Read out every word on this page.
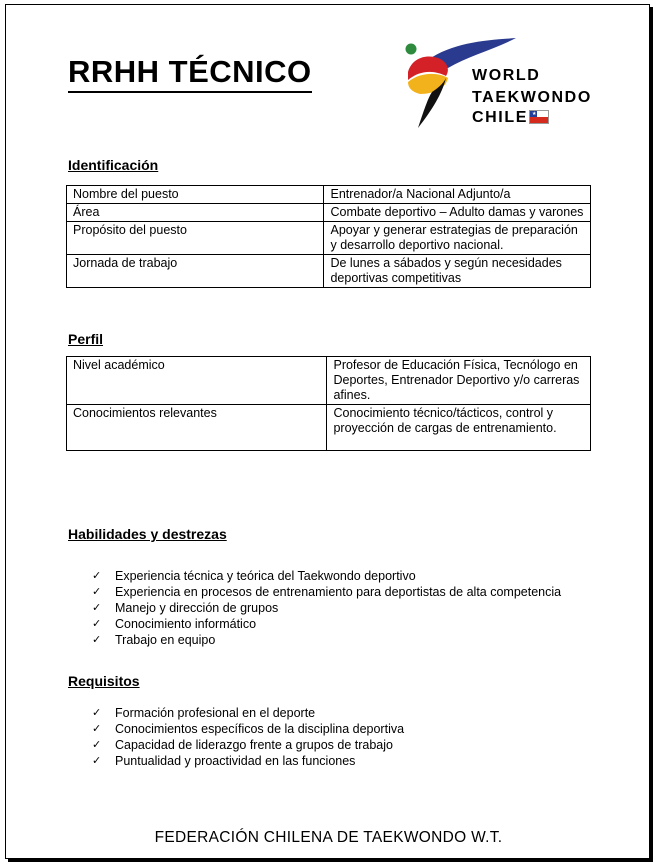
RRHH TÉCNICO	WORLD
TAEKWONDO
CHILE ★
Identificación
Nombre del puesto	Entrenador/a Nacional Adjunto/a
Área	Combate deportivo – Adulto damas y varones
Propósito del puesto	Apoyar y generar estrategias de preparación y desarrollo deportivo nacional.
Jornada de trabajo	De lunes a sábados y según necesidades deportivas competitivas
Perfil
Nivel académico	Profesor de Educación Física, Tecnólogo en Deportes, Entrenador Deportivo y/o carreras afines.
Conocimientos relevantes	Conocimiento técnico/tácticos, control y proyección de cargas de entrenamiento.
Habilidades y destrezas
✓ Experiencia técnica y teórica del Taekwondo deportivo
✓ Experiencia en procesos de entrenamiento para deportistas de alta competencia
✓ Manejo y dirección de grupos
✓ Conocimiento informático
✓ Trabajo en equipo
Requisitos
✓ Formación profesional en el deporte
✓ Conocimientos específicos de la disciplina deportiva
✓ Capacidad de liderazgo frente a grupos de trabajo
✓ Puntualidad y proactividad en las funciones
FEDERACIÓN CHILENA DE TAEKWONDO W.T.
